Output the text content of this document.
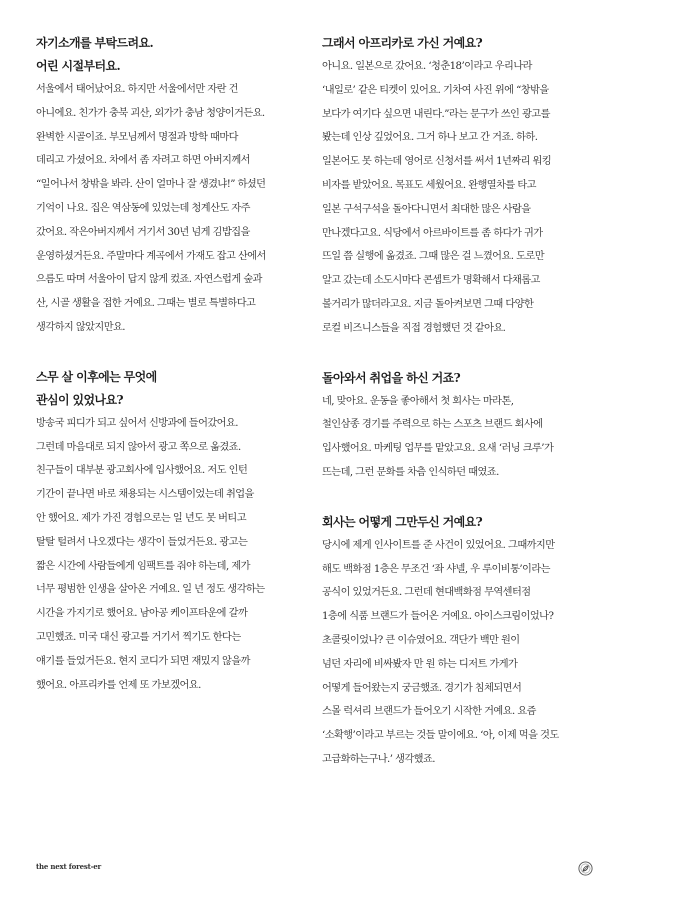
자기소개를 부탁드려요.

어린 시절부터요.

서울에서 태어났어요. 하지만 서울에서만 자란 건

아니에요. 친가가 충북 괴산, 외가가 충남 청양이거든요.

완벽한 시골이죠. 부모님께서 명절과 방학 때마다

데리고 가셨어요. 차에서 좀 자려고 하면 아버지께서

“일어나서 창밖을 봐라. 산이 얼마나 잘 생겼냐!” 하셨던

기억이 나요. 집은 역삼동에 있었는데 청계산도 자주

갔어요. 작은아버지께서 거기서 30년 넘게 김밥집을

운영하셨거든요. 주말마다 계곡에서 가재도 잡고 산에서

으름도 따며 서울아이 답지 않게 컸죠. 자연스럽게 숲과

산, 시골 생활을 접한 거예요. 그때는 별로 특별하다고

생각하지 않았지만요.

스무 살 이후에는 무엇에

관심이 있었나요?

방송국 피디가 되고 싶어서 신방과에 들어갔어요.

그런데 마음대로 되지 않아서 광고 쪽으로 옮겼죠.

친구들이 대부분 광고회사에 입사했어요. 저도 인턴

기간이 끝나면 바로 채용되는 시스템이었는데 취업을

안 했어요. 제가 가진 경험으로는 일 년도 못 버티고

탈탈 털려서 나오겠다는 생각이 들었거든요. 광고는

짧은 시간에 사람들에게 임팩트를 줘야 하는데, 제가

너무 평범한 인생을 살아온 거예요. 일 년 정도 생각하는

시간을 가지기로 했어요. 남아공 케이프타운에 갈까

고민했죠. 미국 대신 광고를 거기서 찍기도 한다는

얘기를 들었거든요. 현지 코디가 되면 재밌지 않을까

했어요. 아프리카를 언제 또 가보겠어요.

그래서 아프리카로 가신 거예요?

아니요. 일본으로 갔어요. ‘청춘18’이라고 우리나라

‘내일로’ 같은 티켓이 있어요. 기차여 사진 위에 “창밖을

보다가 여기다 싶으면 내린다.”라는 문구가 쓰인 광고를

봤는데 인상 깊었어요. 그거 하나 보고 간 거죠. 하하.

일본어도 못 하는데 영어로 신청서를 써서 1년짜리 워킹

비자를 받았어요. 목표도 세웠어요. 완행열차를 타고

일본 구석구석을 돌아다니면서 최대한 많은 사람을

만나겠다고요. 식당에서 아르바이트를 좀 하다가 귀가

뜨일 쯤 실행에 옮겼죠. 그때 많은 걸 느꼈어요. 도로만

알고 갔는데 소도시마다 콘셉트가 명확해서 다채롭고

볼거리가 많더라고요. 지금 돌아켜보면 그때 다양한

로컬 비즈니스들을 직접 경험했던 것 같아요.

돌아와서 취업을 하신 거죠?

네, 맞아요. 운동을 좋아해서 첫 회사는 마라톤,

철인삼종 경기를 주력으로 하는 스포츠 브랜드 회사에

입사했어요. 마케팅 업무를 맡았고요. 요새 ‘러닝 크루’가

뜨는데, 그런 문화를 차츰 인식하던 때였죠.

회사는 어떻게 그만두신 거예요?

당시에 제게 인사이트를 준 사건이 있었어요. 그때까지만

해도 백화점 1층은 무조건 ‘좌 샤넬, 우 루이비통’이라는

공식이 있었거든요. 그런데 현대백화점 무역센터점

1층에 식품 브랜드가 들어온 거예요. 아이스크림이었나?

초콜릿이었나? 큰 이슈였어요. 객단가 백만 원이

넘던 자리에 비싸봤자 만 원 하는 디저트 가게가

어떻게 들어왔는지 궁금했죠. 경기가 침체되면서

스몰 럭셔리 브랜드가 들어오기 시작한 거예요. 요즘

‘소확행’이라고 부르는 것들 말이에요. ‘아, 이제 먹을 것도

고급화하는구나.’ 생각했죠.

the next forest-er
